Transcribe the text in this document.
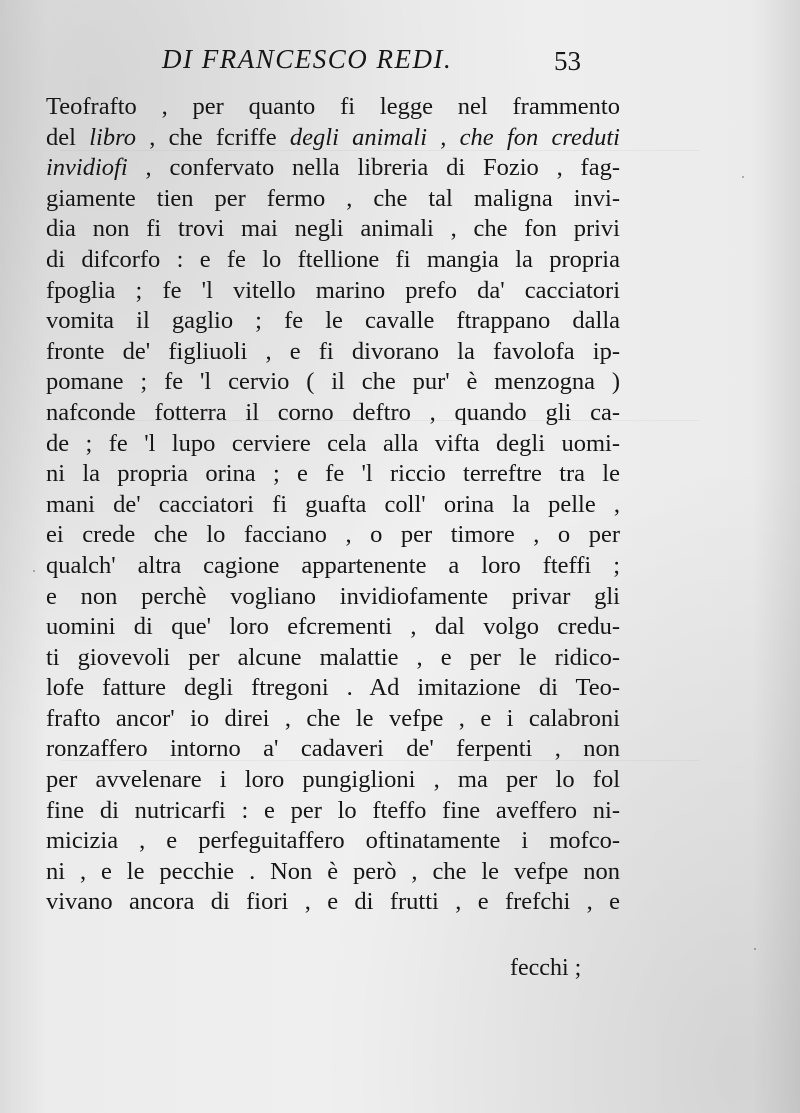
DI FRANCESCO REDI.	53
Teofrafto , per quanto fi legge nel frammento
del libro , che fcriffe degli animali , che fon creduti
invidiofi , confervato nella libreria di Fozio , fag-
giamente tien per fermo , che tal maligna invi-
dia non fi trovi mai negli animali , che fon privi
di difcorfo : e fe lo ftellione fi mangia la propria
fpoglia ; fe 'l vitello marino prefo da' cacciatori
vomita il gaglio ; fe le cavalle ftrappano dalla
fronte de' figliuoli , e fi divorano la favolofa ip-
pomane ; fe 'l cervio ( il che pur' è menzogna )
nafconde fotterra il corno deftro , quando gli ca-
de ; fe 'l lupo cerviere cela alla vifta degli uomi-
ni la propria orina ; e fe 'l riccio terreftre tra le
mani de' cacciatori fi guafta coll' orina la pelle ,
ei crede che lo facciano , o per timore , o per
qualch' altra cagione appartenente a loro fteffi ;
e non perchè vogliano invidiofamente privar gli
uomini di que' loro efcrementi , dal volgo credu-
ti giovevoli per alcune malattie , e per le ridico-
lofe fatture degli ftregoni . Ad imitazione di Teo-
frafto ancor' io direi , che le vefpe , e i calabroni
ronzaffero intorno a' cadaveri de' ferpenti , non
per avvelenare i loro pungiglioni , ma per lo fol
fine di nutricarfi : e per lo fteffo fine aveffero ni-
micizia , e perfeguitaffero oftinatamente i mofco-
ni , e le pecchie . Non è però , che le vefpe non
vivano ancora di fiori , e di frutti , e frefchi , e
fecchi ;
